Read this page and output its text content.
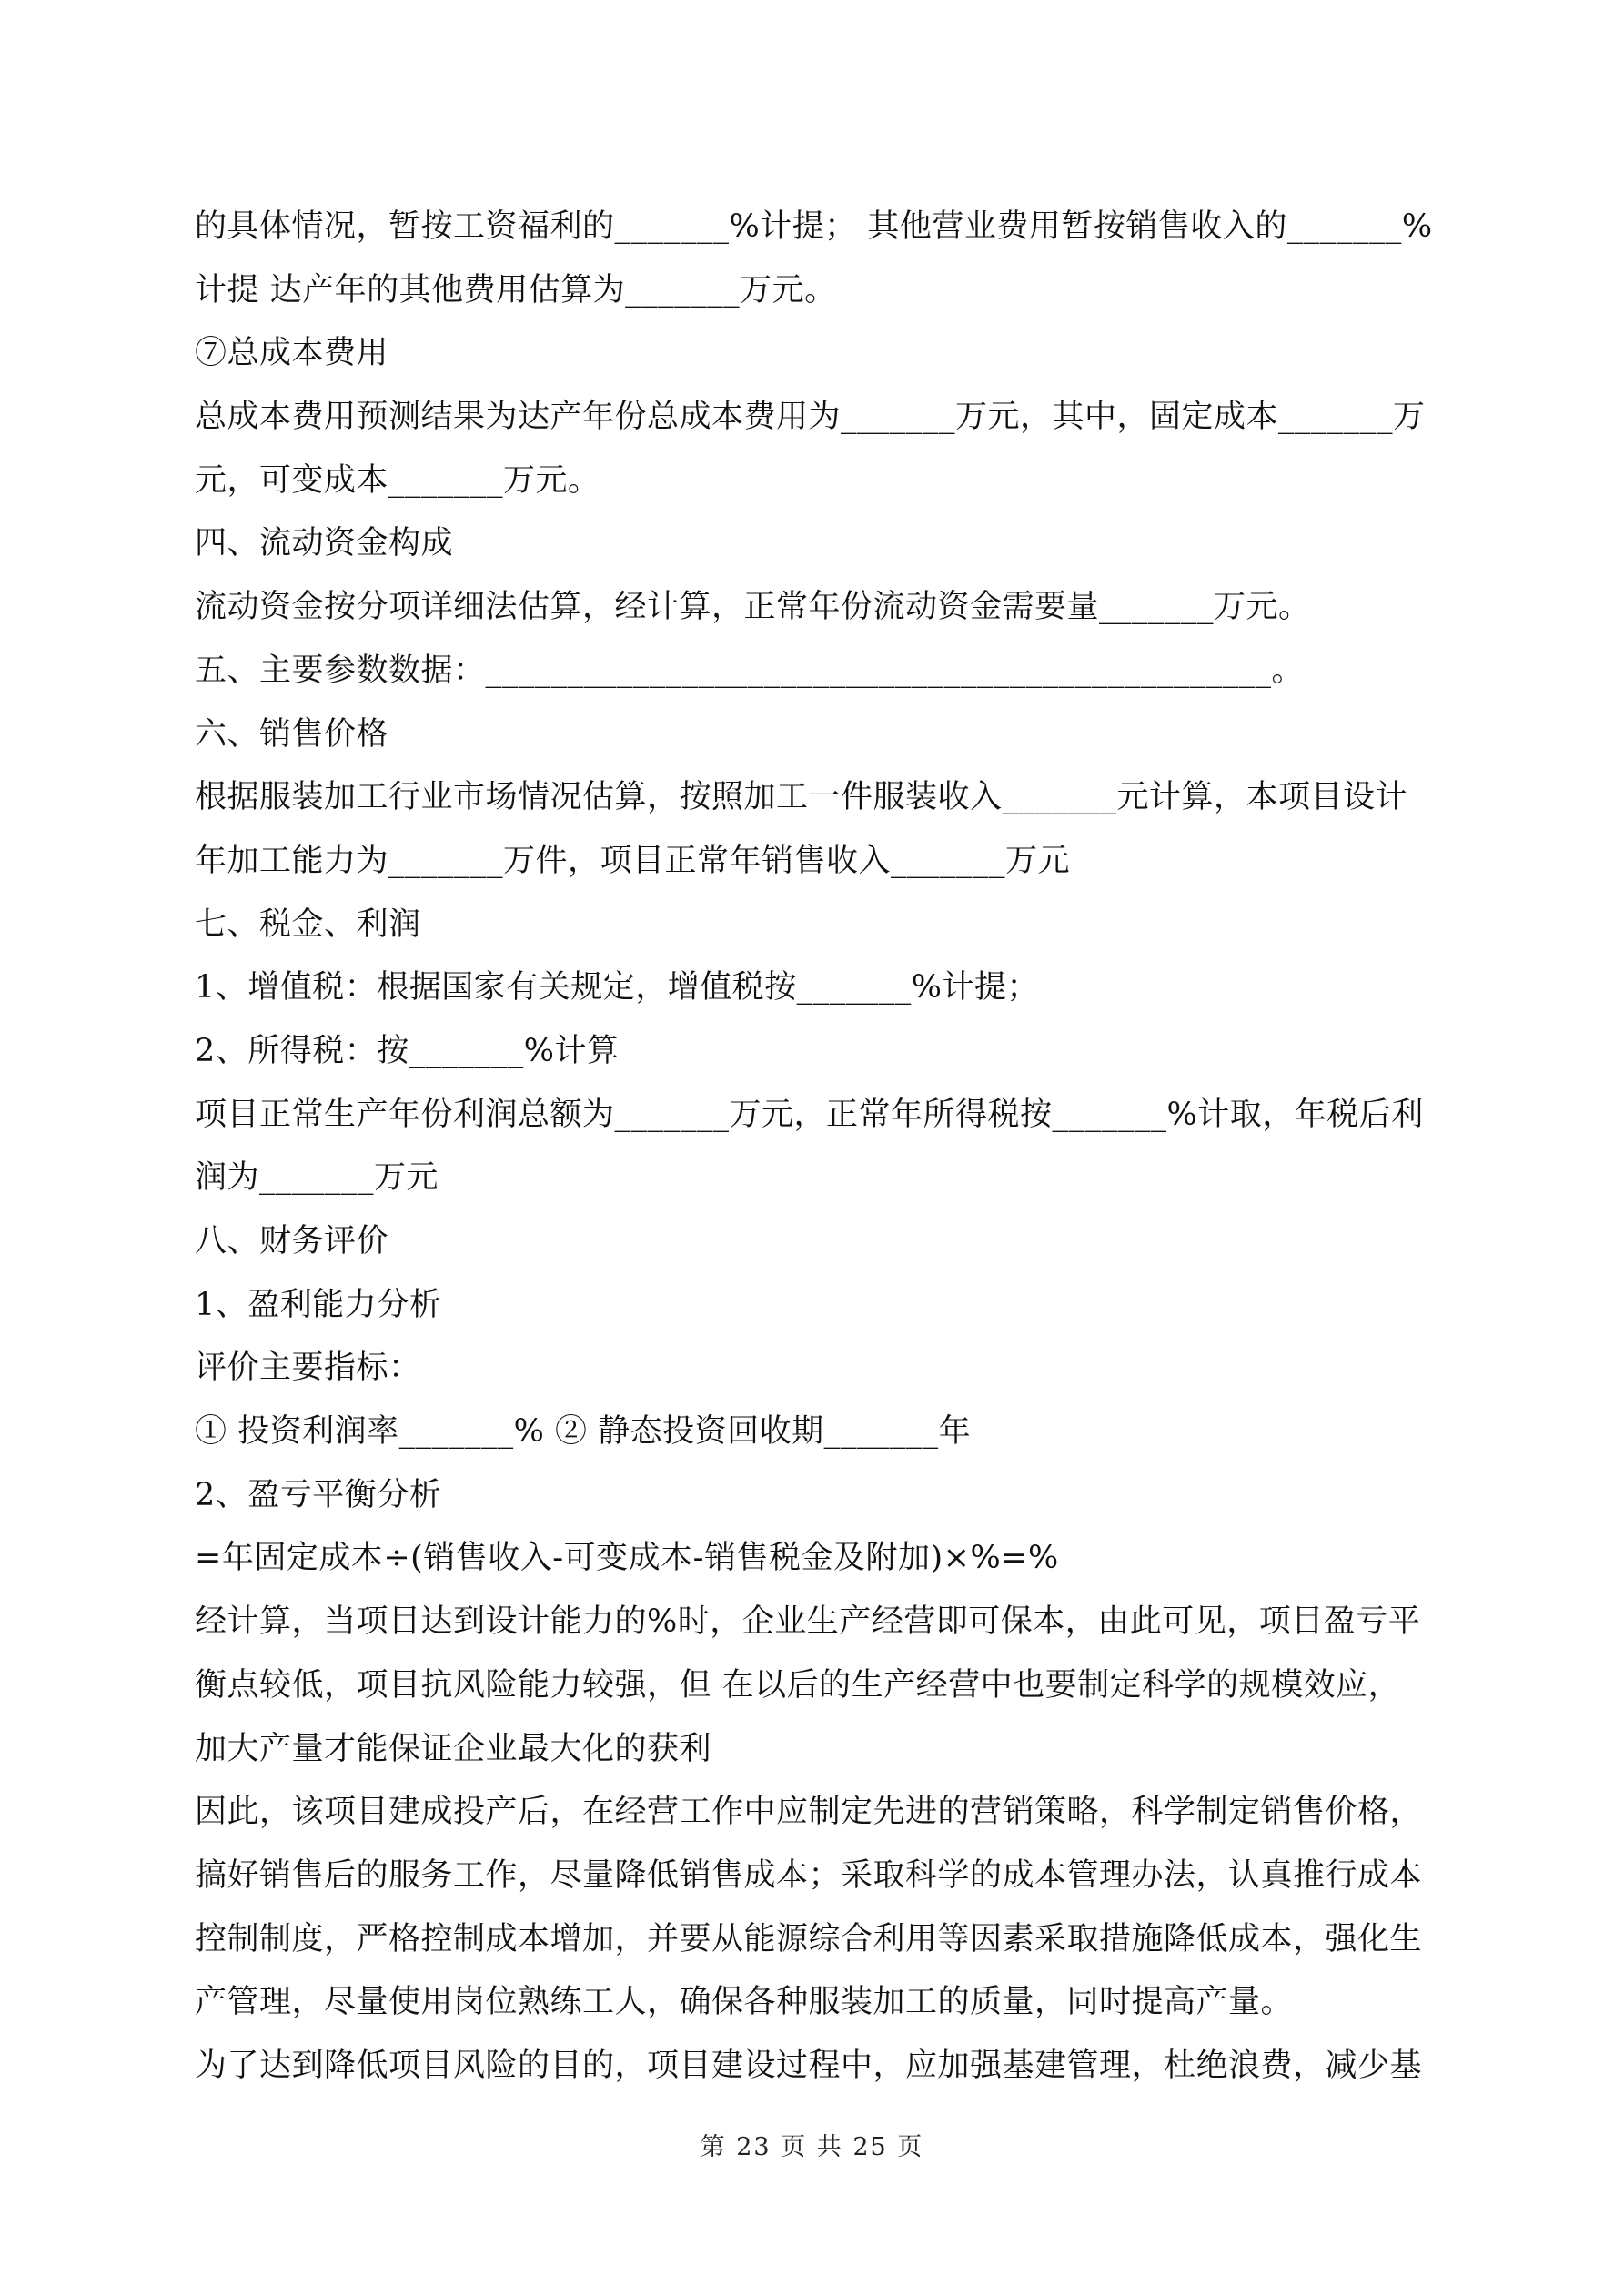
的具体情况，暂按工资福利的_______%计提； 其他营业费用暂按销售收入的_______%
计提 达产年的其他费用估算为_______万元。
⑦总成本费用
总成本费用预测结果为达产年份总成本费用为_______万元，其中，固定成本_______万
元，可变成本_______万元。
四、流动资金构成
流动资金按分项详细法估算，经计算，正常年份流动资金需要量_______万元。
五、主要参数数据：________________________________________________。
六、销售价格
根据服装加工行业市场情况估算，按照加工一件服装收入_______元计算，本项目设计
年加工能力为_______万件，项目正常年销售收入_______万元
七、税金、利润
1、增值税：根据国家有关规定，增值税按_______%计提；
2、所得税：按_______%计算
项目正常生产年份利润总额为_______万元，正常年所得税按_______%计取，年税后利
润为_______万元
八、财务评价
1、盈利能力分析
评价主要指标：
① 投资利润率_______% ② 静态投资回收期_______年
2、盈亏平衡分析
=年固定成本÷(销售收入-可变成本-销售税金及附加)×%=%
经计算，当项目达到设计能力的%时，企业生产经营即可保本，由此可见，项目盈亏平
衡点较低，项目抗风险能力较强，但 在以后的生产经营中也要制定科学的规模效应，
加大产量才能保证企业最大化的获利
因此，该项目建成投产后，在经营工作中应制定先进的营销策略，科学制定销售价格，
搞好销售后的服务工作，尽量降低销售成本；采取科学的成本管理办法，认真推行成本
控制制度，严格控制成本增加，并要从能源综合利用等因素采取措施降低成本，强化生
产管理，尽量使用岗位熟练工人，确保各种服装加工的质量，同时提高产量。
为了达到降低项目风险的目的，项目建设过程中，应加强基建管理，杜绝浪费，减少基
第 23 页 共 25 页
